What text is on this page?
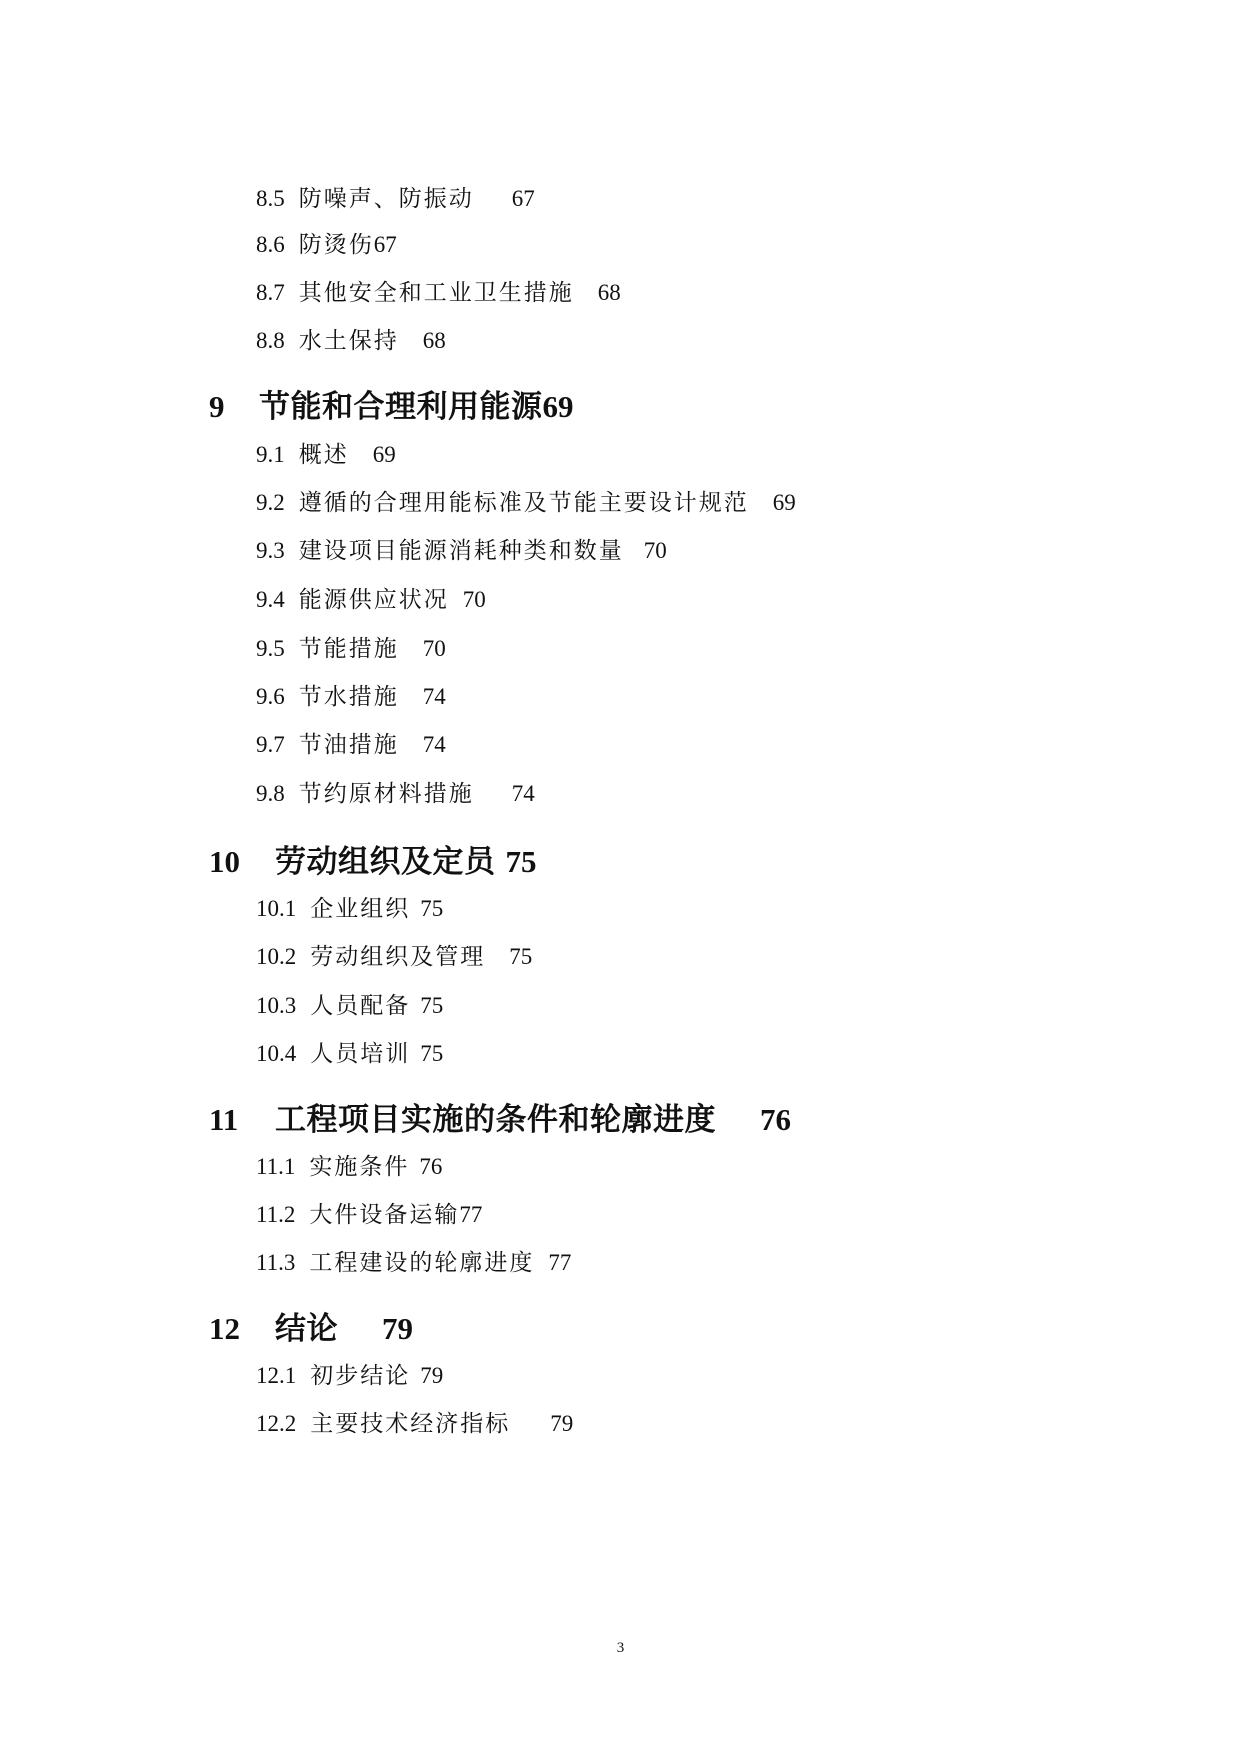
8.5 防噪声、防振动 67

8.6 防烫伤67

8.7 其他安全和工业卫生措施 68

8.8 水土保持 68

9 节能和合理利用能源69

9.1 概述 69

9.2 遵循的合理用能标准及节能主要设计规范 69

9.3 建设项目能源消耗种类和数量 70

9.4 能源供应状况 70

9.5 节能措施 70

9.6 节水措施 74

9.7 节油措施 74

9.8 节约原材料措施 74

10 劳动组织及定员 75

10.1 企业组织 75

10.2 劳动组织及管理 75

10.3 人员配备 75

10.4 人员培训 75

11 工程项目实施的条件和轮廓进度 76

11.1 实施条件 76

11.2 大件设备运输77

11.3 工程建设的轮廓进度 77

12 结论 79

12.1 初步结论 79

12.2 主要技术经济指标 79

3
